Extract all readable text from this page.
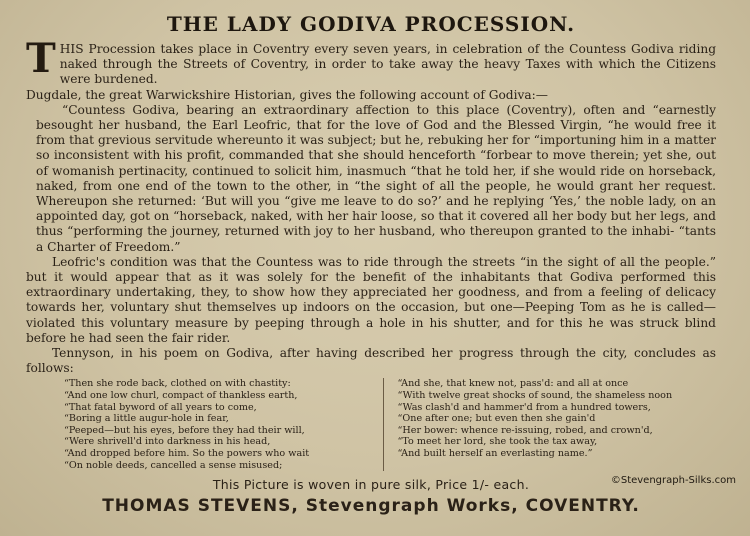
THE LADY GODIVA PROCESSION.

T HIS Procession takes place in Coventry every seven years, in celebration of the Countess Godiva riding naked through the Streets of Coventry, in order to take away the heavy Taxes with which the Citizens were burdened.

Dugdale, the great Warwickshire Historian, gives the following account of Godiva:—

“Countess Godiva, bearing an extraordinary affection to this place (Coventry), often and “earnestly besought her husband, the Earl Leofric, that for the love of God and the Blessed Virgin, “he would free it from that grevious servitude whereunto it was subject; but he, rebuking her for “importuning him in a matter so inconsistent with his profit, commanded that she should henceforth “forbear to move therein; yet she, out of womanish pertinacity, continued to solicit him, inasmuch “that he told her, if she would ride on horseback, naked, from one end of the town to the other, in “the sight of all the people, he would grant her request. Whereupon she returned: ‘But will you “give me leave to do so?’ and he replying ‘Yes,’ the noble lady, on an appointed day, got on “horseback, naked, with her hair loose, so that it covered all her body but her legs, and thus “performing the journey, returned with joy to her husband, who thereupon granted to the inhabi- “tants a Charter of Freedom.”

Leofric's condition was that the Countess was to ride through the streets “in the sight of all the people.” but it would appear that as it was solely for the benefit of the inhabitants that Godiva performed this extraordinary undertaking, they, to show how they appreciated her goodness, and from a feeling of delicacy towards her, voluntary shut themselves up indoors on the occasion, but one—Peeping Tom as he is called—violated this voluntary measure by peeping through a hole in his shutter, and for this he was struck blind before he had seen the fair rider.

Tennyson, in his poem on Godiva, after having described her progress through the city, concludes as follows:

“Then she rode back, clothed on with chastity:
“And one low churl, compact of thankless earth,
“That fatal byword of all years to come,
“Boring a little augur-hole in fear,
“Peeped—but his eyes, before they had their will,
“Were shrivell'd into darkness in his head,
“And dropped before him. So the powers who wait
“On noble deeds, cancelled a sense misused;
“And she, that knew not, pass'd: and all at once
“With twelve great shocks of sound, the shameless noon
“Was clash'd and hammer'd from a hundred towers,
“One after one; but even then she gain'd
“Her bower: whence re-issuing, robed, and crown'd,
“To meet her lord, she took the tax away,
“And built herself an everlasting name.”
©Stevengraph-Silks.com
This Picture is woven in pure silk, Price 1/- each.
THOMAS STEVENS, Stevengraph Works, COVENTRY.
